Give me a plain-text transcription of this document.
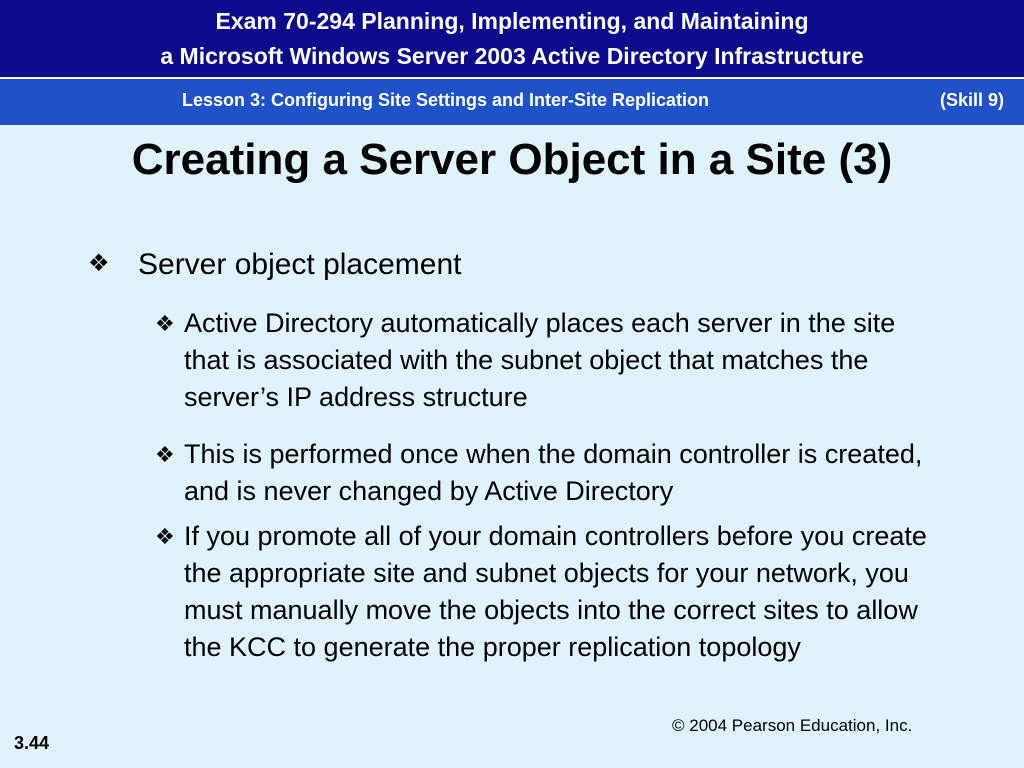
Exam 70-294 Planning, Implementing, and Maintaining
a Microsoft Windows Server 2003 Active Directory Infrastructure
Lesson 3: Configuring Site Settings and Inter-Site Replication	(Skill 9)
Creating a Server Object in a Site (3)
❖ Server object placement
❖ Active Directory automatically places each server in the site that is associated with the subnet object that matches the server’s IP address structure
❖ This is performed once when the domain controller is created, and is never changed by Active Directory
❖ If you promote all of your domain controllers before you create the appropriate site and subnet objects for your network, you must manually move the objects into the correct sites to allow the KCC to generate the proper replication topology
© 2004 Pearson Education, Inc.
3.44
